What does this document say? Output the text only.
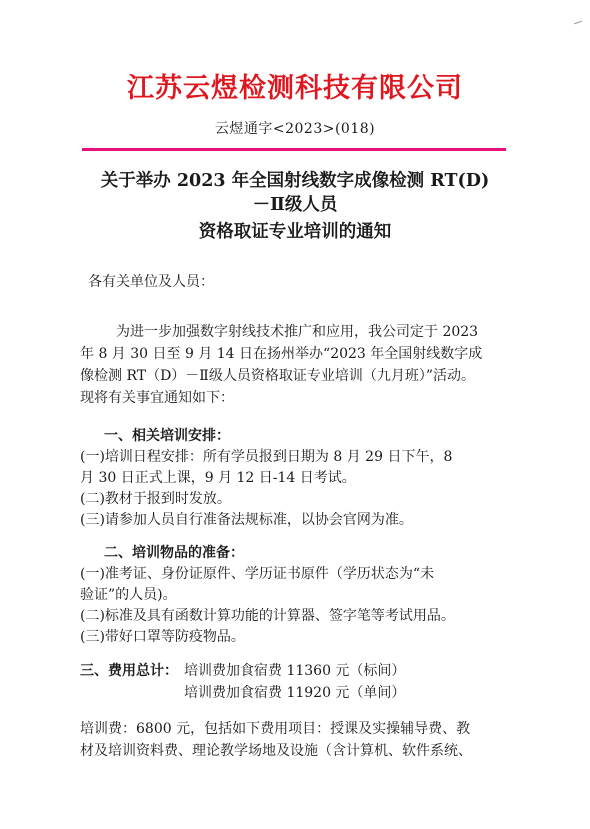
江苏云煜检测科技有限公司
云煜通字<2023>(018)
关于举办 2023 年全国射线数字成像检测 RT(D)
－Ⅱ级人员
资格取证专业培训的通知
各有关单位及人员：
为进一步加强数字射线技术推广和应用，我公司定于 2023
年 8 月 30 日至 9 月 14 日在扬州举办“2023 年全国射线数字成
像检测 RT（D）－Ⅱ级人员资格取证专业培训（九月班）”活动。
现将有关事宜通知如下：
一、相关培训安排：
(一)培训日程安排：所有学员报到日期为 8 月 29 日下午，8
月 30 日正式上课，9 月 12 日-14 日考试。
(二)教材于报到时发放。
(三)请参加人员自行准备法规标准，以协会官网为准。
二、培训物品的准备：
(一)准考证、身份证原件、学历证书原件（学历状态为“未
验证”的人员)。
(二)标准及具有函数计算功能的计算器、签字笔等考试用品。
(三)带好口罩等防疫物品。
三、费用总计： 培训费加食宿费 11360 元（标间）
培训费加食宿费 11920 元（单间）
培训费：6800 元，包括如下费用项目：授课及实操辅导费、教
材及培训资料费、理论教学场地及设施（含计算机、软件系统、
